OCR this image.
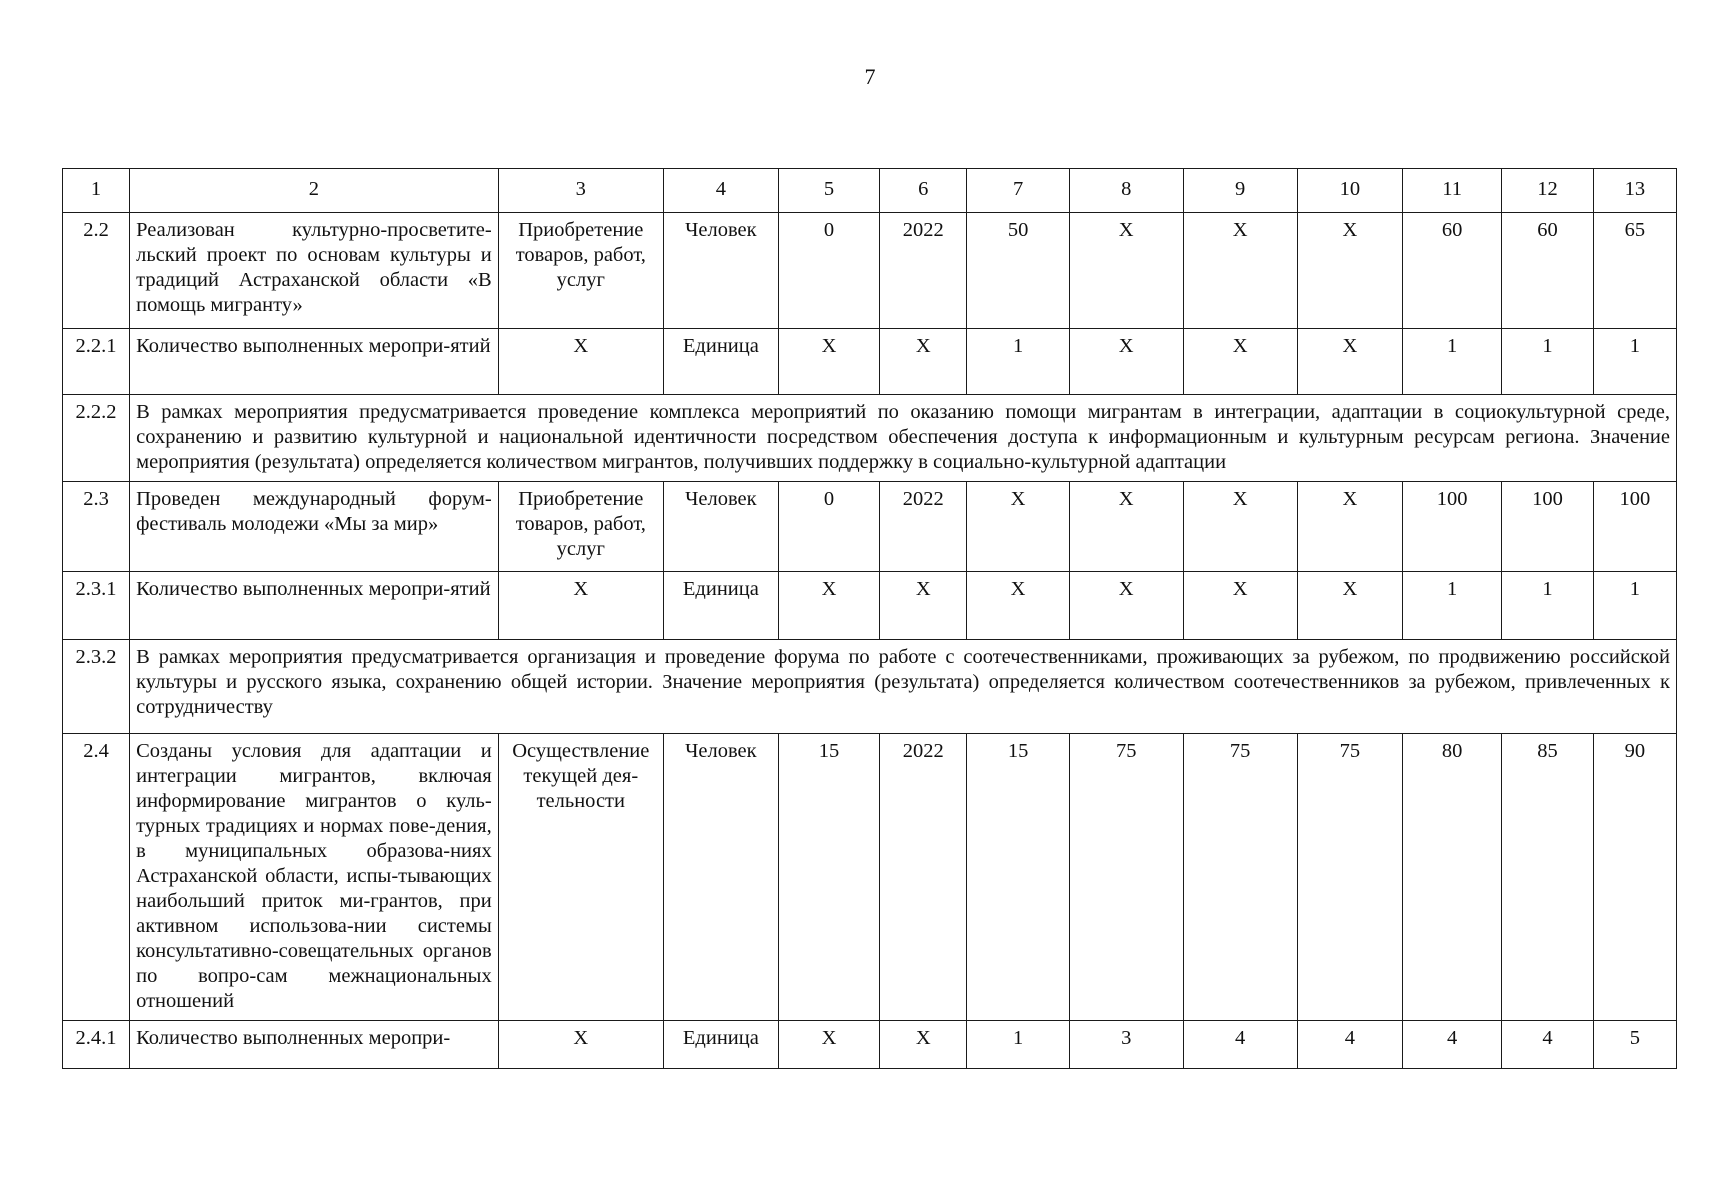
7
1	2	3	4	5	6	7	8	9	10	11	12	13
2.2	Реализован культурно-просветите-льский проект по основам культуры и традиций Астраханской области «В помощь мигранту»	Приобретение товаров, работ, услуг	Человек	0	2022	50	Х	Х	Х	60	60	65
2.2.1	Количество выполненных меропри-ятий	Х	Единица	Х	Х	1	Х	Х	Х	1	1	1
2.2.2	В рамках мероприятия предусматривается проведение комплекса мероприятий по оказанию помощи мигрантам в интеграции, адаптации в социокультурной среде, сохранению и развитию культурной и национальной идентичности посредством обеспечения доступа к информационным и культурным ресурсам региона. Значение мероприятия (результата) определяется количеством мигрантов, получивших поддержку в социально-культурной адаптации											
2.3	Проведен международный форум-фестиваль молодежи «Мы за мир»	Приобретение товаров, работ, услуг	Человек	0	2022	Х	Х	Х	Х	100	100	100
2.3.1	Количество выполненных меропри-ятий	Х	Единица	Х	Х	Х	Х	Х	Х	1	1	1
2.3.2	В рамках мероприятия предусматривается организация и проведение форума по работе с соотечественниками, проживающих за рубежом, по продвижению российской культуры и русского языка, сохранению общей истории. Значение мероприятия (результата) определяется количеством соотечественников за рубежом, привлеченных к сотрудничеству											
2.4	Созданы условия для адаптации и интеграции мигрантов, включая информирование мигрантов о куль-турных традициях и нормах пове-дения, в муниципальных образова-ниях Астраханской области, испы-тывающих наибольший приток ми-грантов, при активном использова-нии системы консультативно-совещательных органов по вопро-сам межнациональных отношений	Осуществление текущей дея-тельности	Человек	15	2022	15	75	75	75	80	85	90
2.4.1	Количество выполненных меропри-	Х	Единица	Х	Х	1	3	4	4	4	4	5
